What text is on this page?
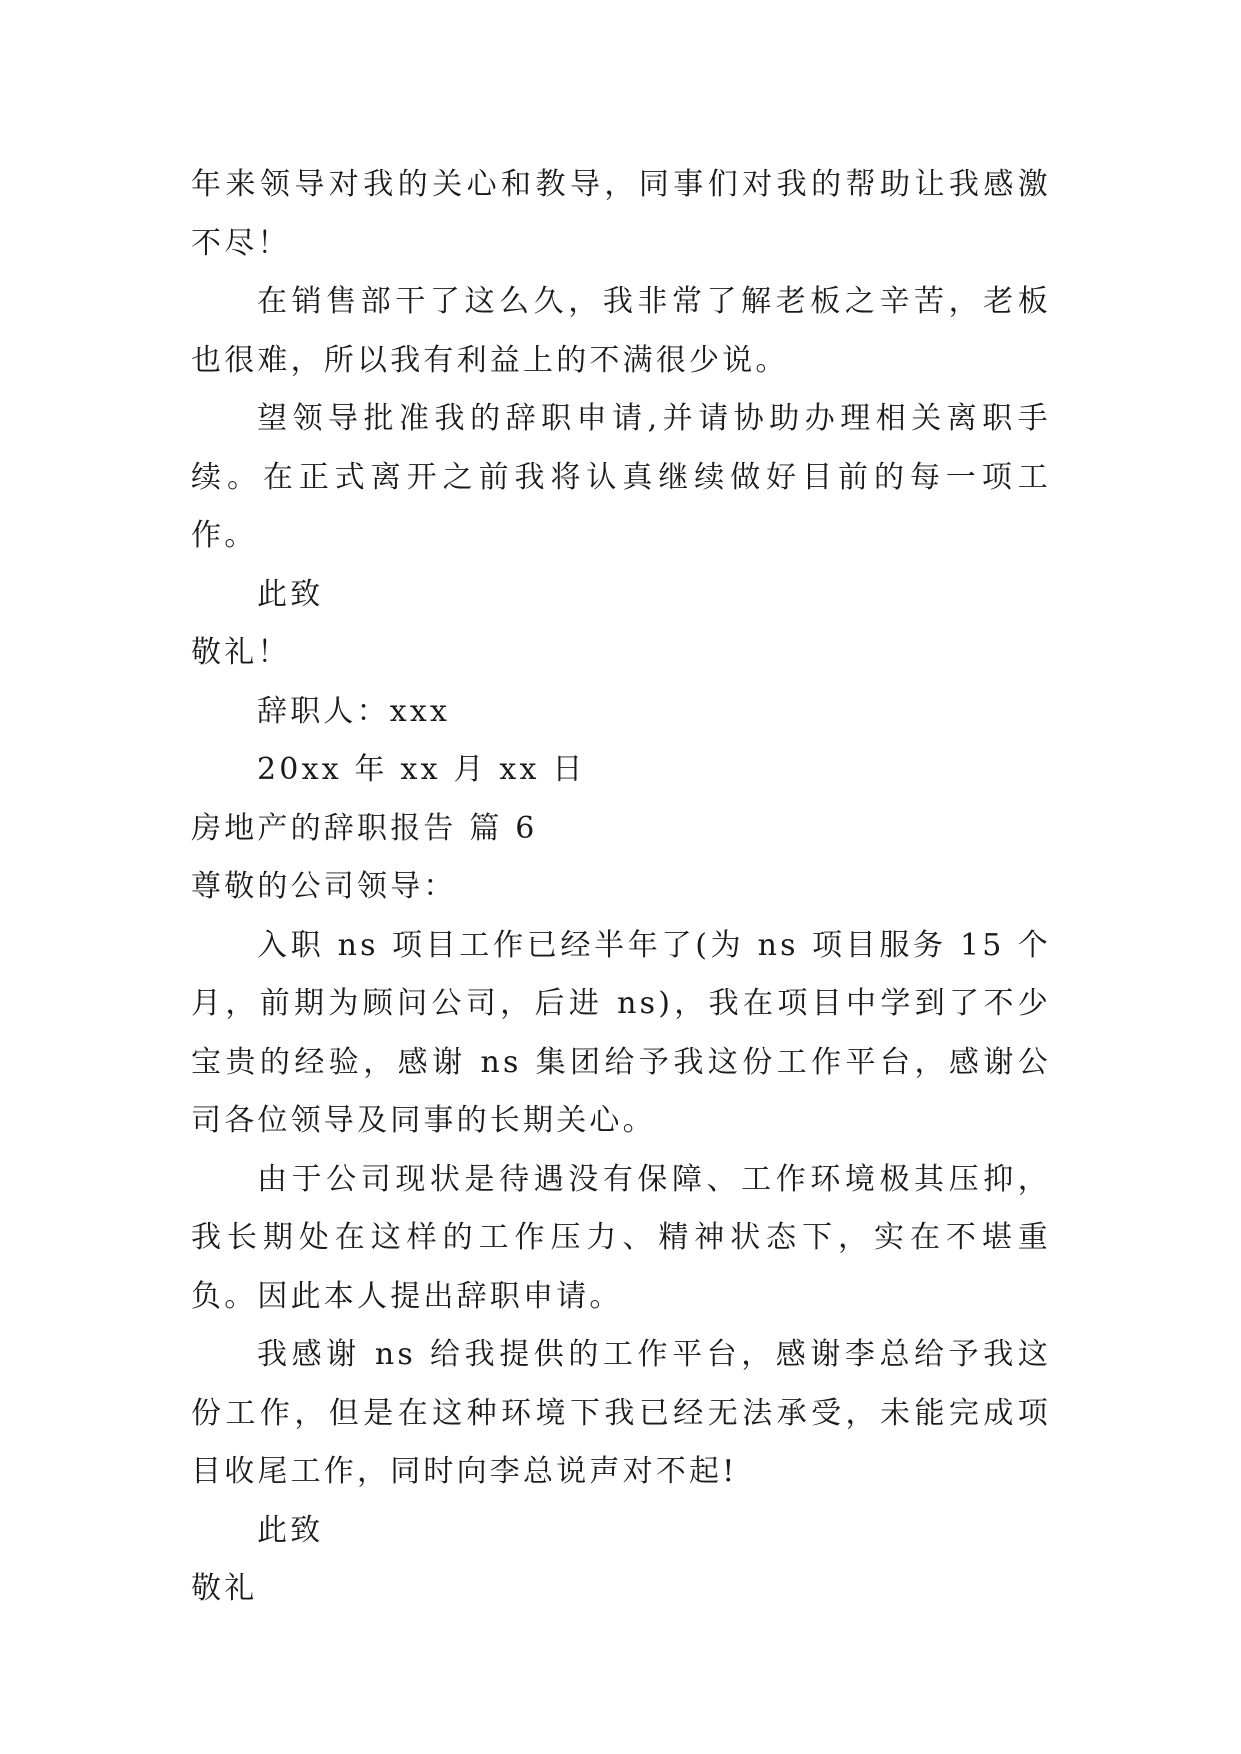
年来领导对我的关心和教导，同事们对我的帮助让我感激不尽！

在销售部干了这么久，我非常了解老板之辛苦，老板也很难，所以我有利益上的不满很少说。

望领导批准我的辞职申请,并请协助办理相关离职手续。在正式离开之前我将认真继续做好目前的每一项工作。

此致

敬礼！

辞职人：xxx

20xx 年 xx 月 xx 日

房地产的辞职报告 篇 6

尊敬的公司领导：

入职 ns 项目工作已经半年了(为 ns 项目服务 15 个月，前期为顾问公司，后进 ns)，我在项目中学到了不少宝贵的经验，感谢 ns 集团给予我这份工作平台，感谢公司各位领导及同事的长期关心。

由于公司现状是待遇没有保障、工作环境极其压抑，我长期处在这样的工作压力、精神状态下，实在不堪重负。因此本人提出辞职申请。

我感谢 ns 给我提供的工作平台，感谢李总给予我这份工作，但是在这种环境下我已经无法承受，未能完成项目收尾工作，同时向李总说声对不起!

此致

敬礼
